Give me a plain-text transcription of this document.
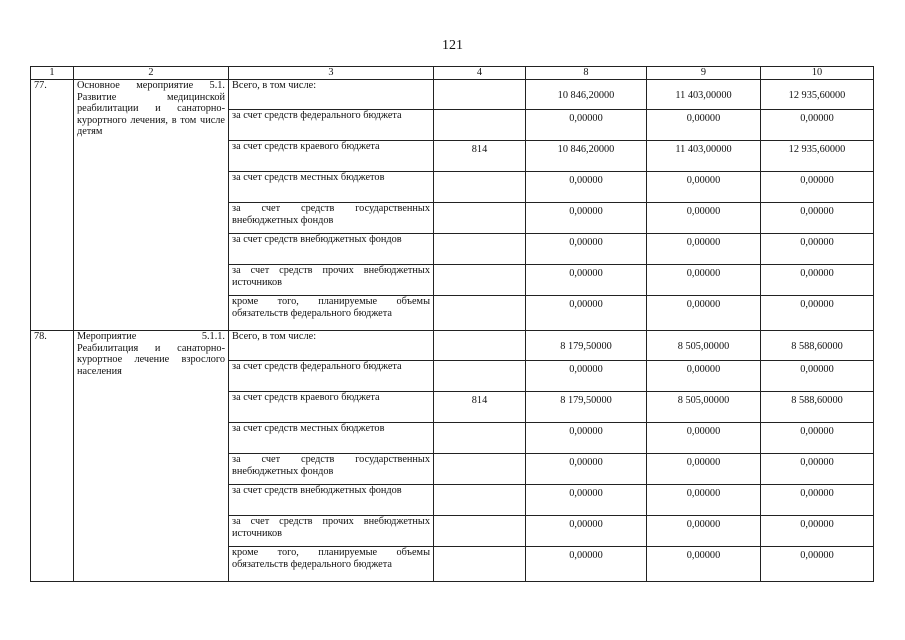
121
1	2	3	4	8	9	10
77.	Основное мероприятие 5.1. Развитие медицинской реабилитации и санаторно-курортного лечения, в том числе детям	Всего, в том числе:		10 846,20000	11 403,00000	12 935,60000
		за счет средств федерального бюджета		0,00000	0,00000	0,00000
		за счет средств краевого бюджета	814	10 846,20000	11 403,00000	12 935,60000
		за счет средств местных бюджетов		0,00000	0,00000	0,00000
		за счет средств государственных внебюджетных фондов		0,00000	0,00000	0,00000
		за счет средств внебюджетных фондов		0,00000	0,00000	0,00000
		за счет средств прочих внебюджетных источников		0,00000	0,00000	0,00000
		кроме того, планируемые объемы обязательств федерального бюджета		0,00000	0,00000	0,00000
78.	Мероприятие 5.1.1. Реабилитация и санаторно-курортное лечение взрослого населения	Всего, в том числе:		8 179,50000	8 505,00000	8 588,60000
		за счет средств федерального бюджета		0,00000	0,00000	0,00000
		за счет средств краевого бюджета	814	8 179,50000	8 505,00000	8 588,60000
		за счет средств местных бюджетов		0,00000	0,00000	0,00000
		за счет средств государственных внебюджетных фондов		0,00000	0,00000	0,00000
		за счет средств внебюджетных фондов		0,00000	0,00000	0,00000
		за счет средств прочих внебюджетных источников		0,00000	0,00000	0,00000
		кроме того, планируемые объемы обязательств федерального бюджета		0,00000	0,00000	0,00000
